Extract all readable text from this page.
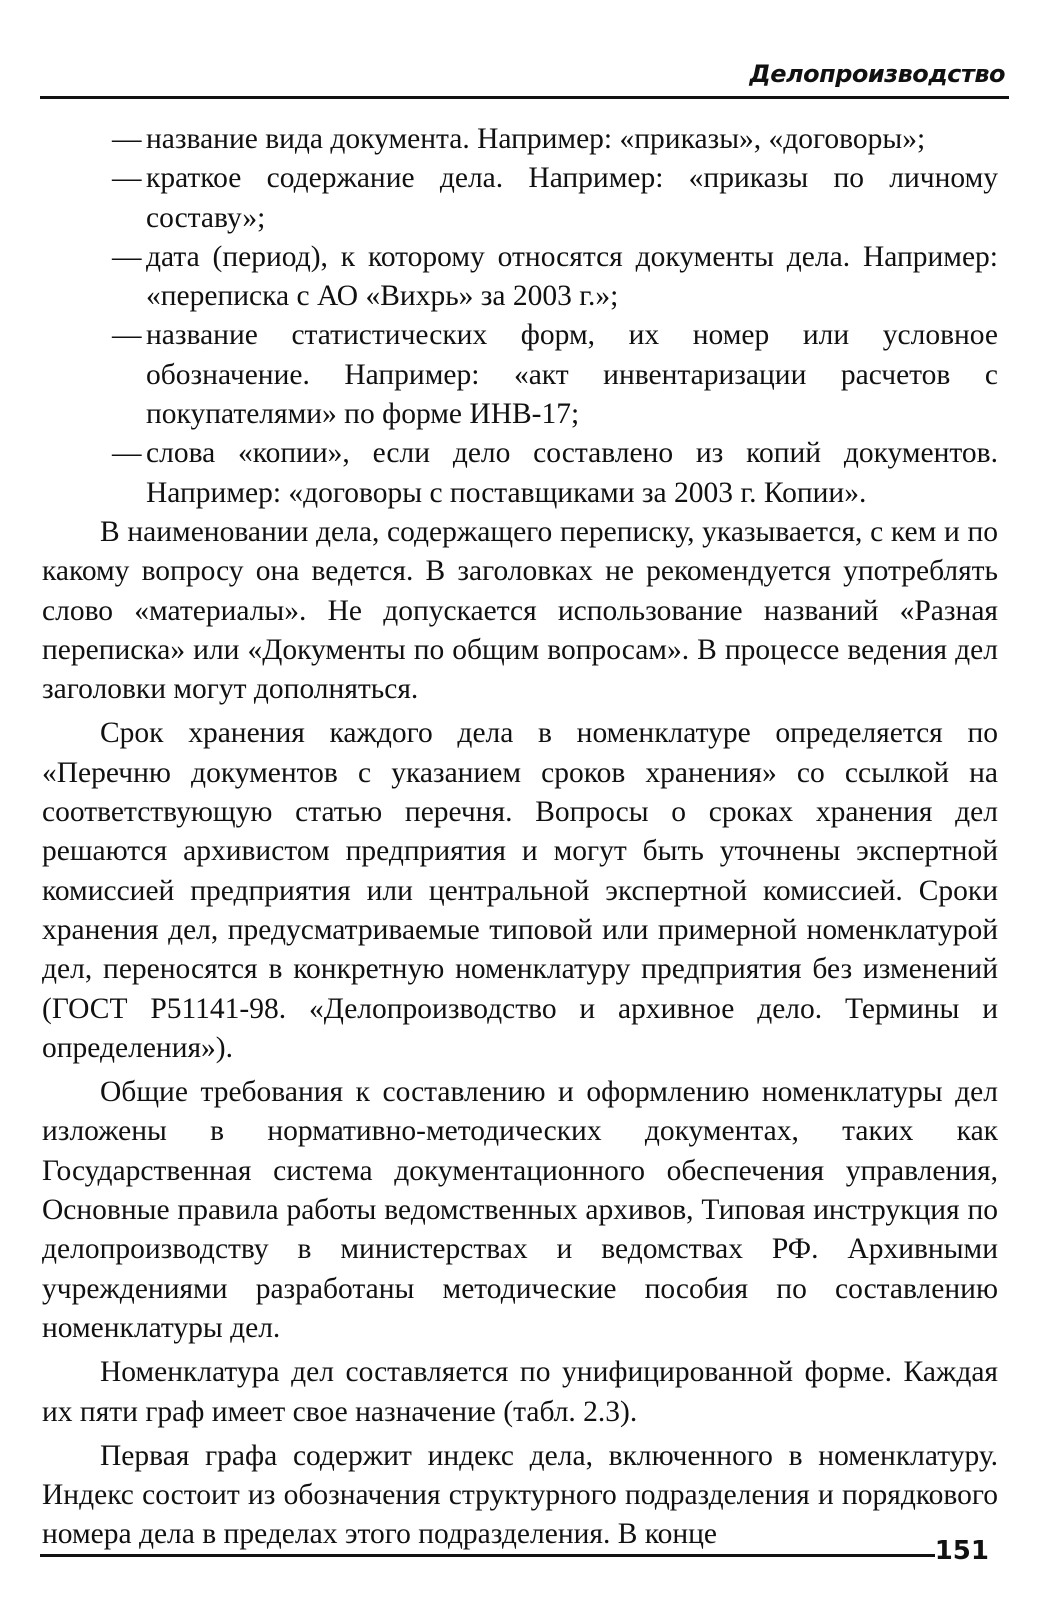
Делопроизводство
— название вида документа. Например: «приказы», «договоры»;
— краткое содержание дела. Например: «приказы по личному составу»;
— дата (период), к которому относятся документы дела. Например: «переписка с АО «Вихрь» за 2003 г.»;
— название статистических форм, их номер или условное обозначение. Например: «акт инвентаризации расчетов с покупателями» по форме ИНВ-17;
— слова «копии», если дело составлено из копий документов. Например: «договоры с поставщиками за 2003 г. Копии».

В наименовании дела, содержащего переписку, указывается, с кем и по какому вопросу она ведется. В заголовках не рекомендуется употреблять слово «материалы». Не допускается использование названий «Разная переписка» или «Документы по общим вопросам». В процессе ведения дел заголовки могут дополняться.

Срок хранения каждого дела в номенклатуре определяется по «Перечню документов с указанием сроков хранения» со ссылкой на соответствующую статью перечня. Вопросы о сроках хранения дел решаются архивистом предприятия и могут быть уточнены экспертной комиссией предприятия или центральной экспертной комиссией. Сроки хранения дел, предусматриваемые типовой или примерной номенклатурой дел, переносятся в конкретную номенклатуру предприятия без изменений (ГОСТ Р51141-98. «Делопроизводство и архивное дело. Термины и определения»).

Общие требования к составлению и оформлению номенклатуры дел изложены в нормативно-методических документах, таких как Государственная система документационного обеспечения управления, Основные правила работы ведомственных архивов, Типовая инструкция по делопроизводству в министерствах и ведомствах РФ. Архивными учреждениями разработаны методические пособия по составлению номенклатуры дел.

Номенклатура дел составляется по унифицированной форме. Каждая их пяти граф имеет свое назначение (табл. 2.3).

Первая графа содержит индекс дела, включенного в номенклатуру. Индекс состоит из обозначения структурного подразделения и порядкового номера дела в пределах этого подразделения. В конце

151
